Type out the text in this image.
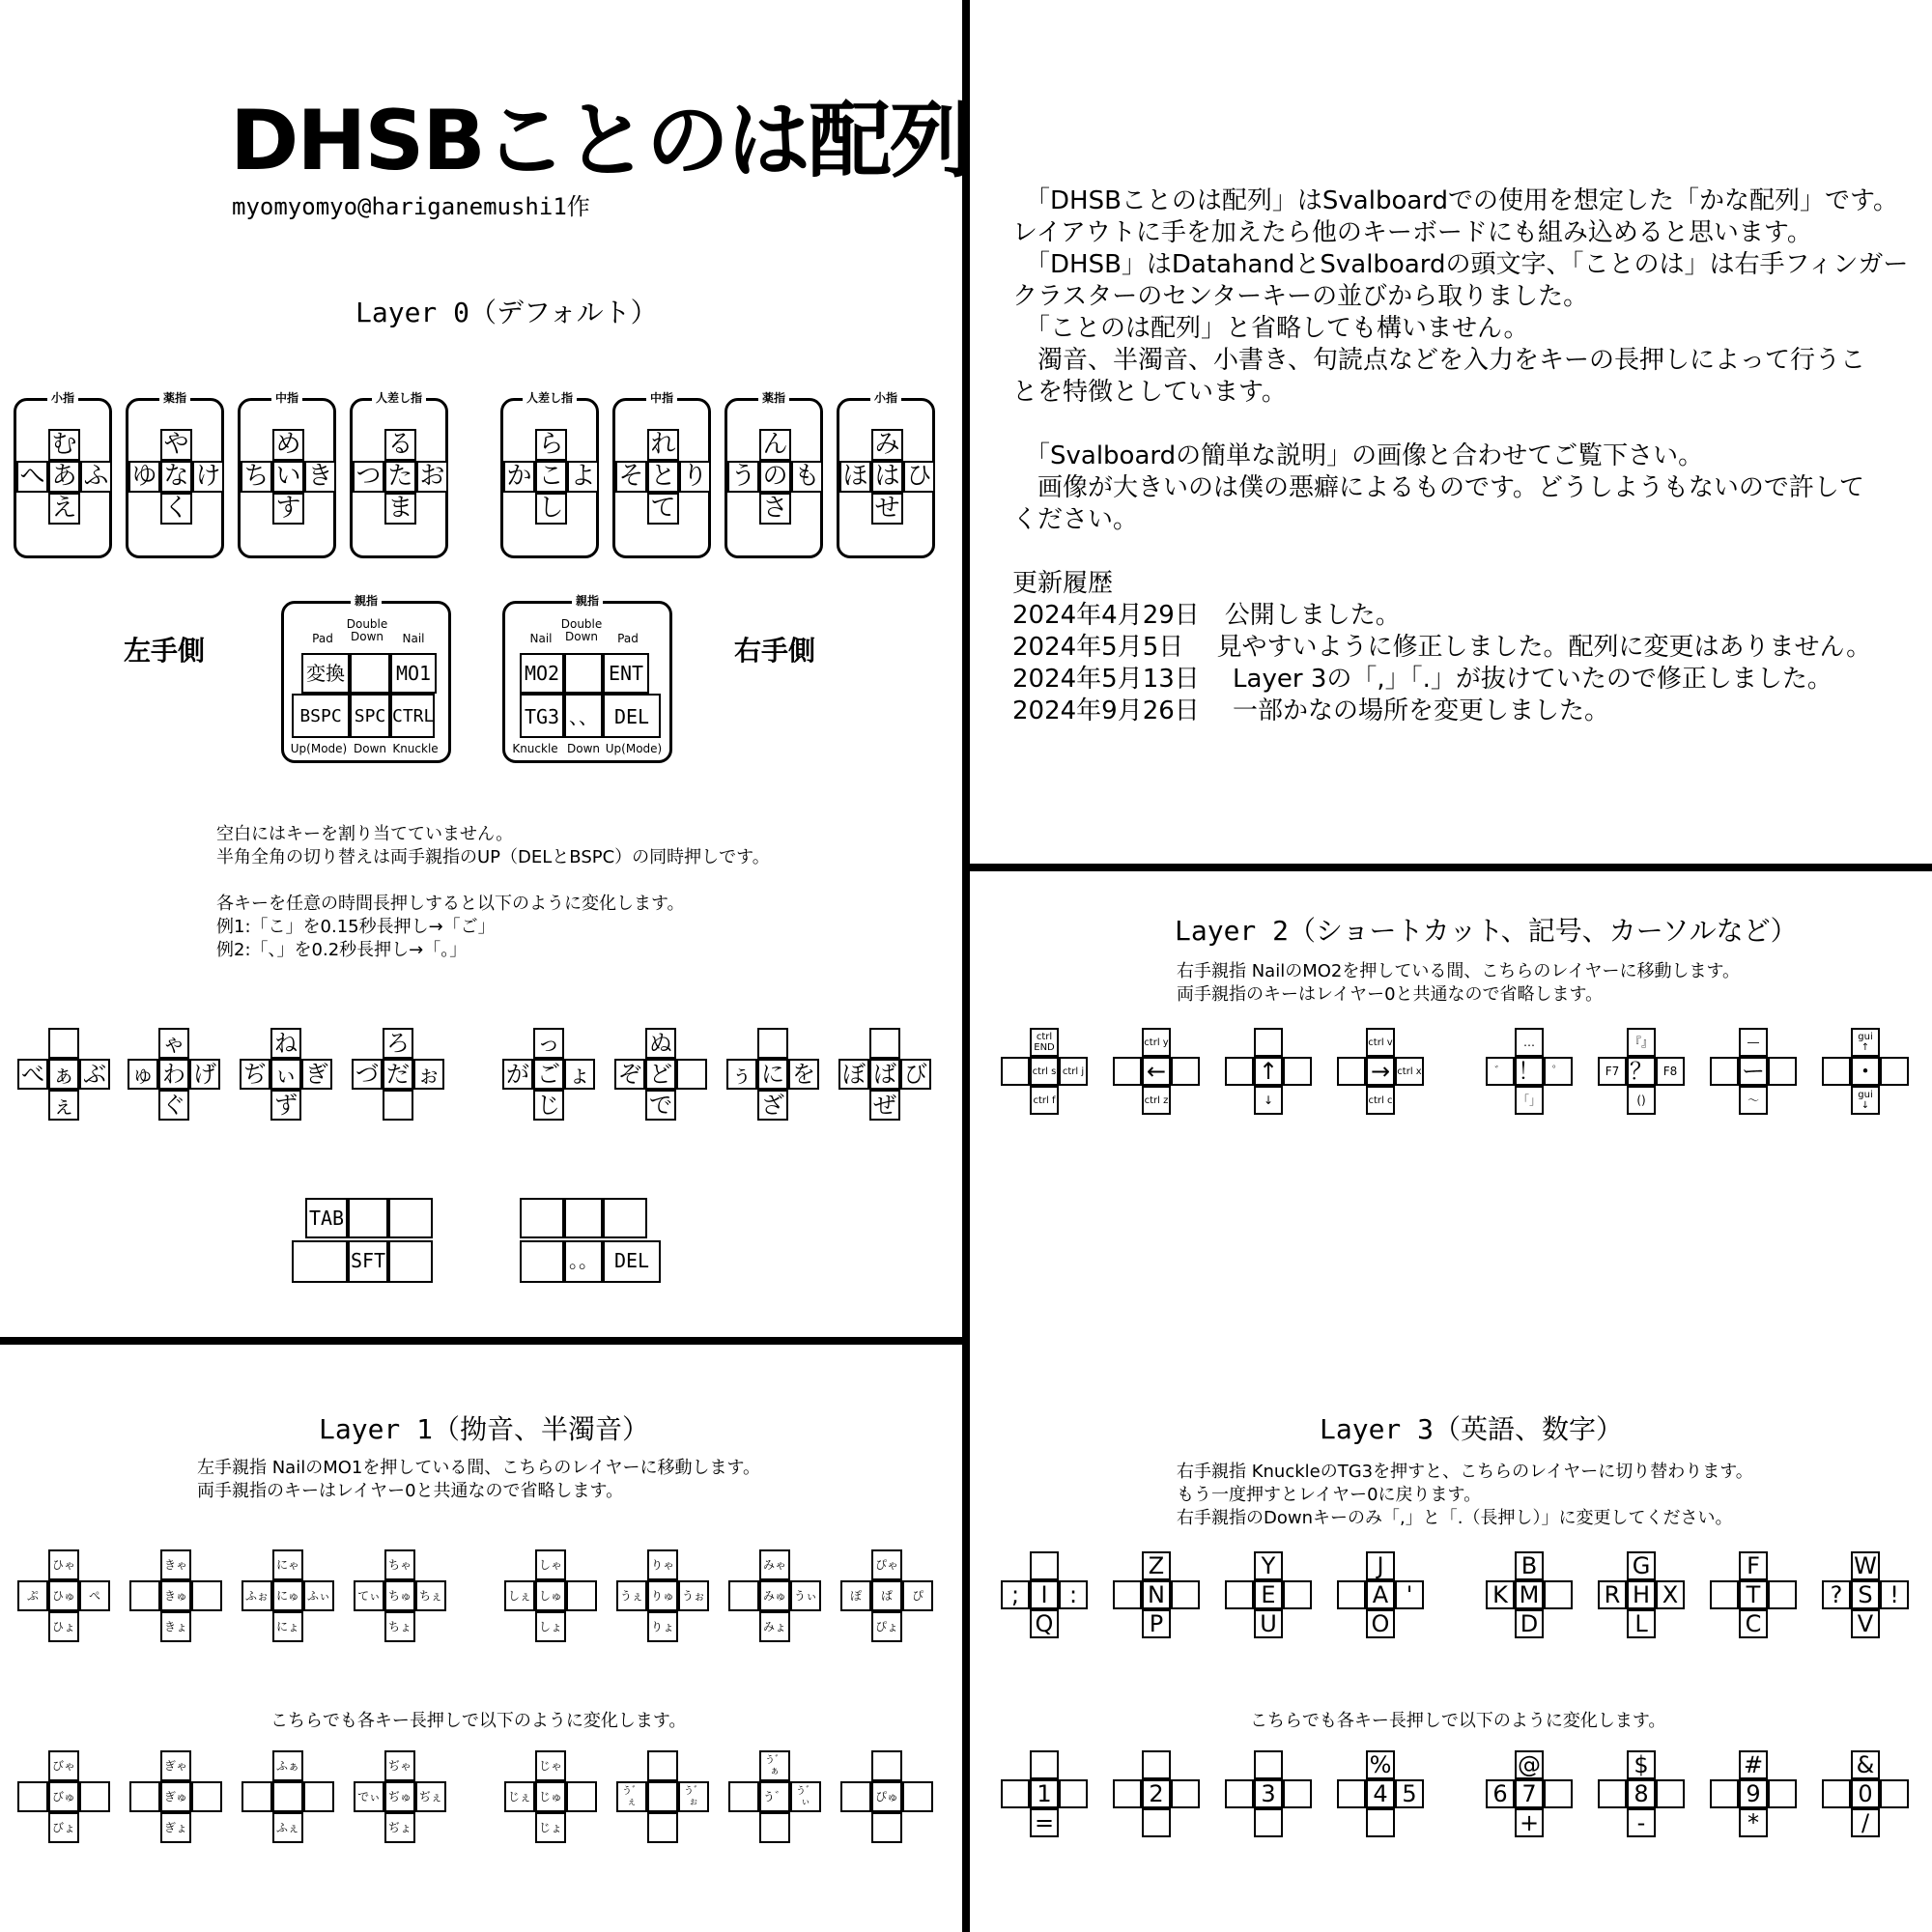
DHSBことのは配列
myomyomyo@hariganemushi1作
Layer 0（デフォルト）
小指
む
へ あ ふ
え
薬指
や
ゆ な け
く
中指
め
ち い き
す
人差し指
る
つ た お
ま
人差し指
ら
か こ よ
し
中指
れ
そ と り
て
薬指
ん
う の も
さ
小指
み
ほ は ひ
せ
左手側	右手側
親指
Pad
Double Down	Nail
変換	MO1
BSPC SPC CTRL
Up(Mode) Down Knuckle
親指
Nail
Double Down	Pad
MO2	ENT
TG3 、、 DEL
Knuckle Down Up(Mode)
空白にはキーを割り当てていません。
半角全角の切り替えは両手親指のUP（DELとBSPC）の同時押しです。
各キーを任意の時間長押しすると以下のように変化します。
例1:「こ」を0.15秒長押し→「ご」
例2:「、」を0.2秒長押し→「。」
べ ぁ ぶ
ぇ
ゃ
ゅ わ げ
ぐ
ね
ぢ ぃ ぎ
ず
ろ
づ だ ぉ
っ
が ご ょ
じ
ぬ
ぞ ど
で
ぅ に を
ざ
ぼ ば び
ぜ
TAB
SFT	。。 DEL
　「DHSBことのは配列」はSvalboardでの使用を想定した「かな配列」です。
レイアウトに手を加えたら他のキーボードにも組み込めると思います。
　「DHSB」はDatahandとSvalboardの頭文字、「ことのは」は右手フィンガー
クラスターのセンターキーの並びから取りました。
　「ことのは配列」と省略しても構いません。
　濁音、半濁音、小書き、句読点などを入力をキーの長押しによって行うこ
とを特徴としています。
　「Svalboardの簡単な説明」の画像と合わせてご覧下さい。
　画像が大きいのは僕の悪癖によるものです。どうしようもないので許して
ください。
更新履歴
2024年4月29日　公開しました。
2024年5月5日　 見やすいように修正しました。配列に変更はありません。
2024年5月13日　 Layer 3の「,」「.」が抜けていたので修正しました。
2024年9月26日　 一部かなの場所を変更しました。
Layer 2（ショートカット、記号、カーソルなど）
右手親指 NailのMO2を押している間、こちらのレイヤーに移動します。
両手親指のキーはレイヤー0と共通なので省略します。
ctrl END
ctrl s ctrl j
ctrl f
ctrl y
←
ctrl z
↑
↓
ctrl v
→ ctrl x
ctrl c
…
゛ ！ ゜
「」
『』
F7 ？ F8
()
―
ー
～
gui ↑
・
gui ↓
Layer 1（拗音、半濁音）
左手親指 NailのMO1を押している間、こちらのレイヤーに移動します。
両手親指のキーはレイヤー0と共通なので省略します。
ひゃ
ぷ	ひゅ	ぺ
ひょ
きゃ
きゅ
きょ
にゃ
ふぉ にゅ ふぃ
にょ
ちゃ
てぃ ちゅ ちぇ
ちょ
しゃ
しぇ しゅ
しょ
りゃ
うぇ りゅ うぉ
りょ
みゃ
みゅ うぃ
みょ
ぴゃ
ぽ	ぱ	ぴ
ぴょ
こちらでも各キー長押しで以下のように変化します。
びゃ
びゅ
びょ
ぎゃ
ぎゅ
ぎょ
ふぁ
ふぇ
ぢゃ
でぃ ぢゅ ぢぇ
ぢょ
じゃ
じぇ じゅ
じょ
う゛ぇ
う゛ぉ
う゛ぁ
う゛	う゛ぃ	ぴゅ
Layer 3（英語、数字）
右手親指 KnuckleのTG3を押すと、こちらのレイヤーに切り替わります。
もう一度押すとレイヤー0に戻ります。
右手親指のDownキーのみ「,」と「.（長押し）」に変更してください。
; I :
Q
Z
N
P
Y
E
U
J
A '
O
B
K M
D
G
R H X
L
F
T
C
W
? S !
V
こちらでも各キー長押しで以下のように変化します。
1
=
2	3
%
4 5
@
6 7
+
$
8
-
#
9
*
&
0
/
